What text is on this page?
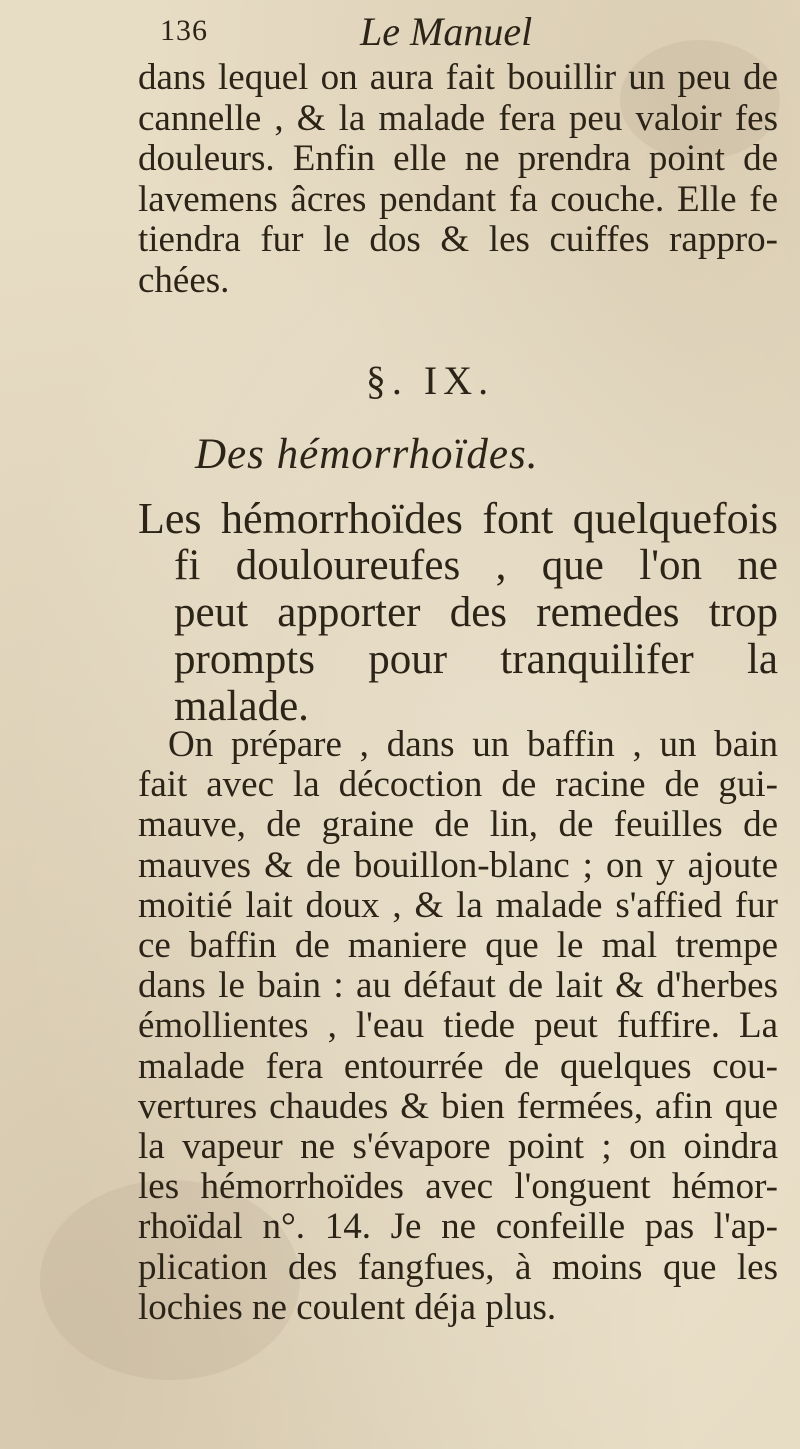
136	Le Manuel
dans lequel on aura fait bouillir un peu de
cannelle , & la malade fera peu valoir fes
douleurs. Enfin elle ne prendra point de
lavemens âcres pendant fa couche. Elle fe
tiendra fur le dos & les cuiffes rappro-
chées.
§. IX.
Des hémorrhoïdes.
Les hémorrhoïdes font quelquefois
fi douloureufes , que l'on ne
peut apporter des remedes trop
prompts pour tranquilifer la
malade.
On prépare , dans un baffin , un bain
fait avec la décoction de racine de gui-
mauve, de graine de lin, de feuilles de
mauves & de bouillon-blanc ; on y ajoute
moitié lait doux , & la malade s'affied fur
ce baffin de maniere que le mal trempe
dans le bain : au défaut de lait & d'herbes
émollientes , l'eau tiede peut fuffire. La
malade fera entourrée de quelques cou-
vertures chaudes & bien fermées, afin que
la vapeur ne s'évapore point ; on oindra
les hémorrhoïdes avec l'onguent hémor-
rhoïdal n°. 14. Je ne confeille pas l'ap-
plication des fangfues, à moins que les
lochies ne coulent déja plus.
